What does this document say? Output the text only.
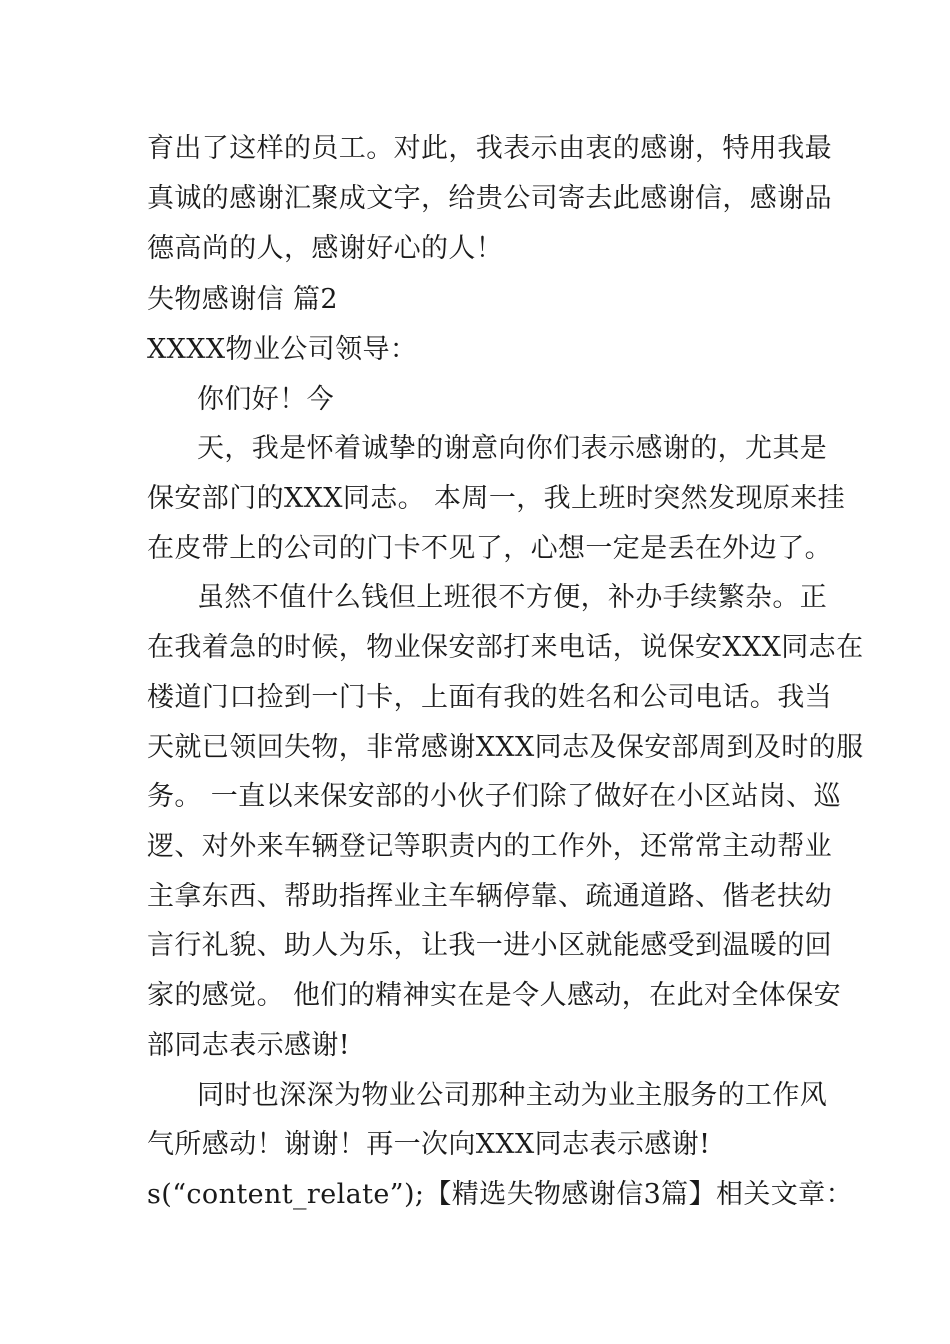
育出了这样的员工。对此，我表示由衷的感谢，特用我最
真诚的感谢汇聚成文字，给贵公司寄去此感谢信，感谢品
德高尚的人，感谢好心的人！
失物感谢信 篇2
XXXX物业公司领导：
你们好！今
天，我是怀着诚挚的谢意向你们表示感谢的，尤其是
保安部门的XXX同志。 本周一，我上班时突然发现原来挂
在皮带上的公司的门卡不见了，心想一定是丢在外边了。
虽然不值什么钱但上班很不方便，补办手续繁杂。正
在我着急的时候，物业保安部打来电话，说保安XXX同志在
楼道门口捡到一门卡，上面有我的姓名和公司电话。我当
天就已领回失物，非常感谢XXX同志及保安部周到及时的服
务。 一直以来保安部的小伙子们除了做好在小区站岗、巡
逻、对外来车辆登记等职责内的工作外，还常常主动帮业
主拿东西、帮助指挥业主车辆停靠、疏通道路、偕老扶幼
言行礼貌、助人为乐，让我一进小区就能感受到温暖的回
家的感觉。 他们的精神实在是令人感动，在此对全体保安
部同志表示感谢!
同时也深深为物业公司那种主动为业主服务的工作风
气所感动！谢谢！再一次向XXX同志表示感谢!
s(“content_relate”);【精选失物感谢信3篇】相关文章：
